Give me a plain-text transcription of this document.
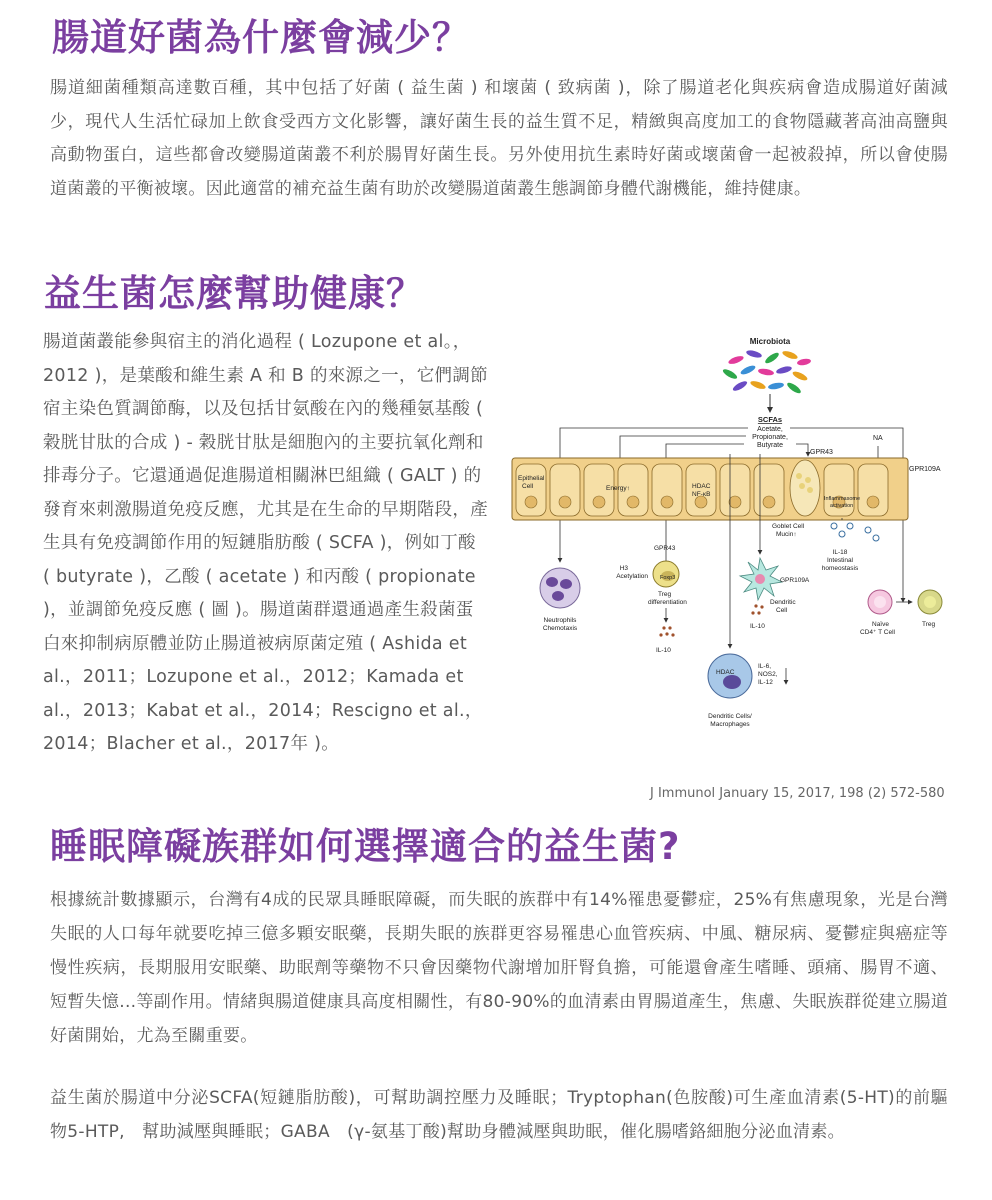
腸道好菌為什麼會減少？

腸道細菌種類高達數百種，其中包括了好菌 ( 益生菌 ) 和壞菌 ( 致病菌 )，除了腸道老化與疾病會造成腸道好菌減少，現代人生活忙碌加上飲食受西方文化影響，讓好菌生長的益生質不足，精緻與高度加工的食物隱藏著高油高鹽與高動物蛋白，這些都會改變腸道菌叢不利於腸胃好菌生長。另外使用抗生素時好菌或壞菌會一起被殺掉，所以會使腸道菌叢的平衡被壞。因此適當的補充益生菌有助於改變腸道菌叢生態調節身體代謝機能，維持健康。

益生菌怎麼幫助健康？

腸道菌叢能參與宿主的消化過程 ( Lozupone et al。，2012 )，是葉酸和維生素 A 和 B 的來源之一，它們調節宿主染色質調節酶，以及包括甘氨酸在內的幾種氨基酸 ( 穀胱甘肽的合成 ) - 穀胱甘肽是細胞內的主要抗氧化劑和排毒分子。它還通過促進腸道相關淋巴組織 ( GALT ) 的發育來刺激腸道免疫反應，尤其是在生命的早期階段，產生具有免疫調節作用的短鏈脂肪酸 ( SCFA )，例如丁酸 ( butyrate )，乙酸 ( acetate ) 和丙酸 ( propionate )，並調節免疫反應 ( 圖 )。腸道菌群還通過產生殺菌蛋白來抑制病原體並防止腸道被病原菌定殖 ( Ashida et al.，2011；Lozupone et al.，2012；Kamada et al.，2013；Kabat et al.，2014；Rescigno et al.，2014；Blacher et al.，2017年 )。

Microbiota
SCFAs
Acetate,
Propionate,
Butyrate
NA
GPR43
GPR109A
Epithelial
Cell	Energy↑	HDAC
NF-κB
Inflammasome
activation
Goblet Cell
Mucin↑
IL-18
Intestinal
homeostasis
GPR43
Foxp3
H3
Acetylation
Treg
differentiation
IL-10
GPR109A
Dendritic
Cell
IL-10
Neutrophils
Chemotaxis
Naïve
CD4⁺ T Cell
Treg
HDAC
IL-6,
NOS2,
IL-12
Dendritic Cells/
Macrophages
J Immunol January 15, 2017, 198 (2) 572-580
睡眠障礙族群如何選擇適合的益生菌?

根據統計數據顯示，台灣有4成的民眾具睡眠障礙，而失眠的族群中有14%罹患憂鬱症，25%有焦慮現象，光是台灣失眠的人口每年就要吃掉三億多顆安眠藥，長期失眠的族群更容易罹患心血管疾病、中風、糖尿病、憂鬱症與癌症等慢性疾病，長期服用安眠藥、助眠劑等藥物不只會因藥物代謝增加肝腎負擔，可能還會產生嗜睡、頭痛、腸胃不適、短暫失憶...等副作用。情緒與腸道健康具高度相關性，有80-90%的血清素由胃腸道產生，焦慮、失眠族群從建立腸道好菌開始，尤為至關重要。

益生菌於腸道中分泌SCFA(短鏈脂肪酸)，可幫助調控壓力及睡眠；Tryptophan(色胺酸)可生產血清素(5-HT)的前驅物5-HTP,　幫助減壓與睡眠；GABA　(γ-氨基丁酸)幫助身體減壓與助眠，催化腸嗜鉻細胞分泌血清素。
